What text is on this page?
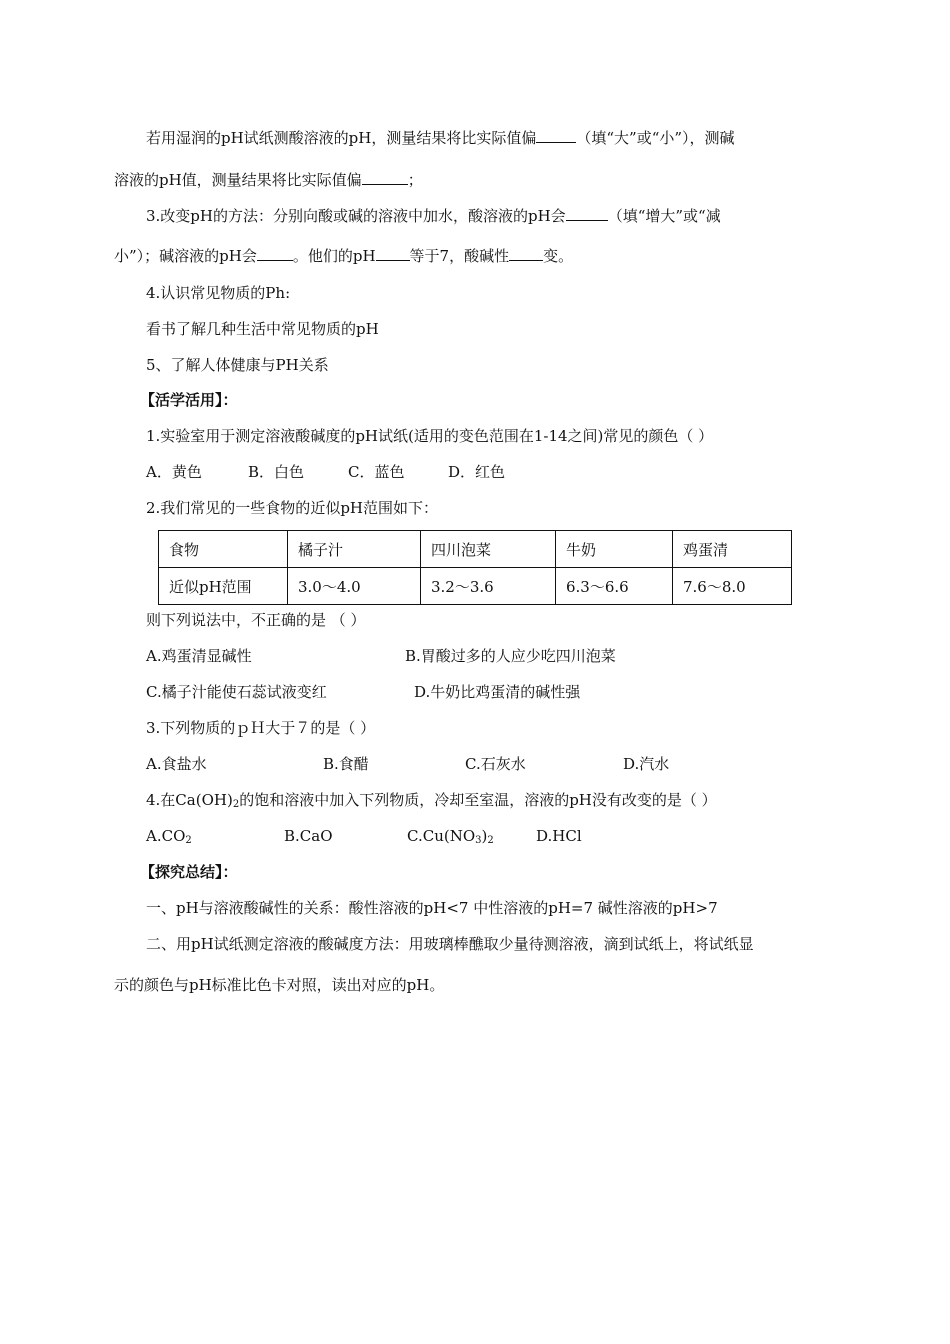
若用湿润的pH试纸测酸溶液的pH，测量结果将比实际值偏	（填“大”或“小”），测碱
溶液的pH值，测量结果将比实际值偏	；
3.改变pH的方法：分别向酸或碱的溶液中加水，酸溶液的pH会	（填“增大”或“减
小”）；碱溶液的pH会 。他们的pH 等于7，酸碱性 变。
4.认识常见物质的Ph:
看书了解几种生活中常见物质的pH
5、了解人体健康与PH关系
【活学活用】：
1.实验室用于测定溶液酸碱度的pH试纸(适用的变色范围在1-14之间)常见的颜色（ ）
A．黄色	B．白色	C．蓝色	D．红色
2.我们常见的一些食物的近似pH范围如下：
食物	橘子汁	四川泡菜	牛奶	鸡蛋清
近似pH范围	3.0～4.0	3.2～3.6	6.3～6.6	7.6～8.0
则下列说法中，不正确的是 （ ）
A.鸡蛋清显碱性	B.胃酸过多的人应少吃四川泡菜
C.橘子汁能使石蕊试液变红	D.牛奶比鸡蛋清的碱性强
3.下列物质的ｐＨ大于７的是（ ）
A.食盐水	B.食醋	C.石灰水	D.汽水
4.在$Ca(OH)_2$的饱和溶液中加入下列物质，冷却至室温，溶液的pH没有改变的是（ ）
$A.CO_2$	B.CaO	$C.Cu(NO_3)_2$	D.HCl
【探究总结】：
一、pH与溶液酸碱性的关系：酸性溶液的pH<7 中性溶液的pH=7 碱性溶液的pH>7
二、用pH试纸测定溶液的酸碱度方法：用玻璃棒醮取少量待测溶液，滴到试纸上，将试纸显
示的颜色与pH标准比色卡对照，读出对应的pH。
